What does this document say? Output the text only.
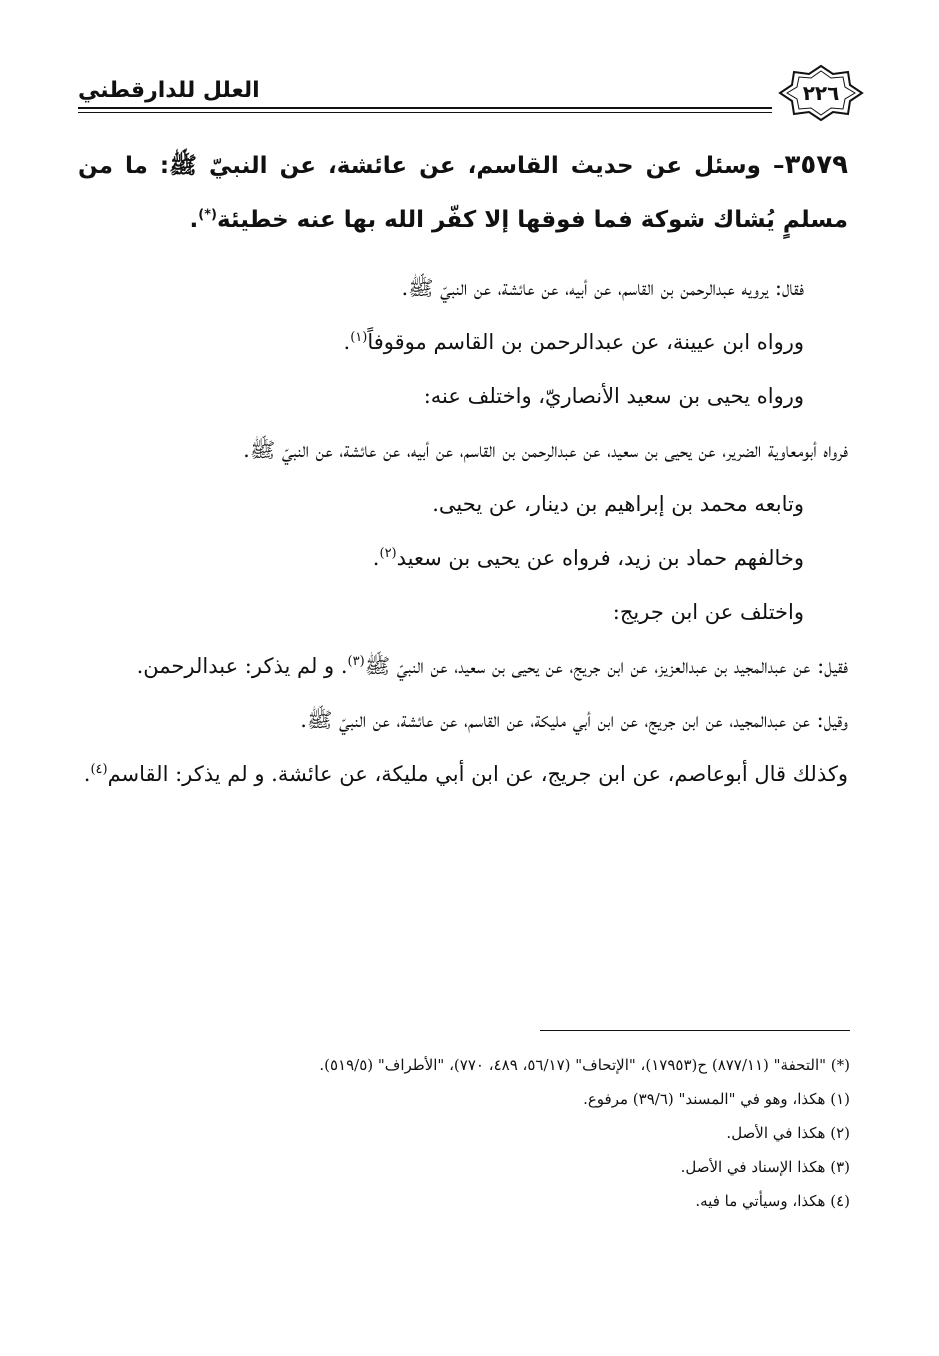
العلل للدارقطني	٢٢٦

٣٥٧٩– وسئل عن حديث القاسم، عن عائشة، عن النبيّ ﷺ: ما من مسلمٍ يُشاك شوكة فما فوقها إلا كفّر الله بها عنه خطيئة(*).

فقال: يرويه عبدالرحمن بن القاسم، عن أبيه، عن عائشة، عن النبيّ ﷺ.

ورواه ابن عيينة، عن عبدالرحمن بن القاسم موقوفاً$^{(١)}$.

ورواه يحيى بن سعيد الأنصاريّ، واختلف عنه:

فرواه أبومعاوية الضرير، عن يحيى بن سعيد، عن عبدالرحمن بن القاسم، عن أبيه، عن عائشة، عن النبيّ ﷺ.

وتابعه محمد بن إبراهيم بن دينار، عن يحيى.

وخالفهم حماد بن زيد، فرواه عن يحيى بن سعيد$^{(٢)}$.

واختلف عن ابن جريج:

فقيل: عن عبدالمجيد بن عبدالعزيز، عن ابن جريج، عن يحيى بن سعيد، عن النبيّ ﷺ$^{(٣)}$. و لم يذكر: عبدالرحمن.

وقيل: عن عبدالمجيد، عن ابن جريج، عن ابن أبي مليكة، عن القاسم، عن عائشة، عن النبيّ ﷺ.

وكذلك قال أبوعاصم، عن ابن جريج، عن ابن أبي مليكة، عن عائشة. و لم يذكر: القاسم$^{(٤)}$.

(*) "التحفة" (٨٧٧/١١) ح(١٧٩٥٣)، "الإتحاف" (٥٦/١٧، ٤٨٩، ٧٧٠)، "الأطراف" (٥١٩/٥).

(١) هكذا، وهو في "المسند" (٣٩/٦) مرفوع.

(٢) هكذا في الأصل.

(٣) هكذا الإسناد في الأصل.

(٤) هكذا، وسيأتي ما فيه.
